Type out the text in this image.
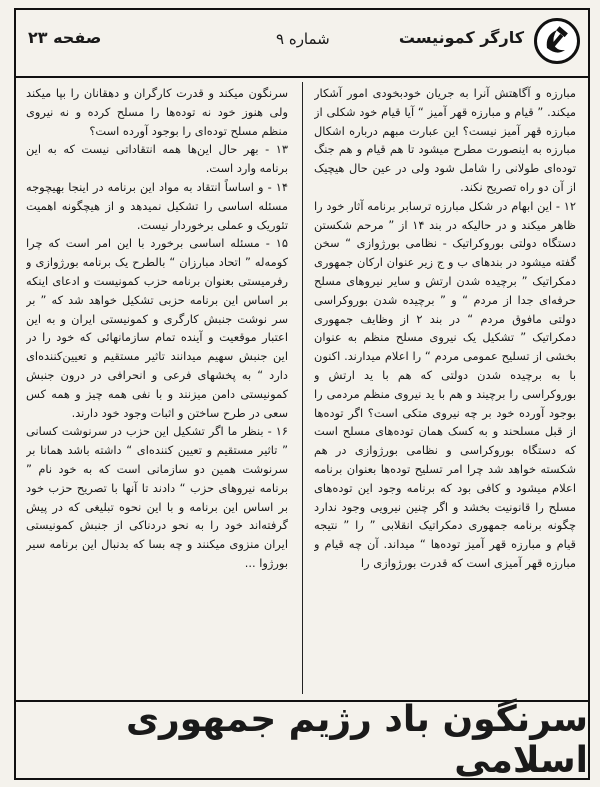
کارگر کمونیست
شماره ۹
صفحه ۲۳

مبارزه و آگاهتش آنرا به جریان خودبخودی امور آشکار میکند. ” قیام و مبارزه قهر آمیز “ آیا قیام خود شکلی از مبارزه قهر آمیز نیست؟ این عبارت مبهم درباره اشکال مبارزه به اینصورت مطرح میشود تا هم قیام و هم جنگ توده‌ای طولانی را شامل شود ولی در عین حال هیچیک از آن دو راه تصریح نکند.

۱۲ - این ابهام در شکل مبارزه ترسابر برنامه آثار خود را ظاهر میکند و در حالیکه در بند ۱۴ از ” مرحم شکستن دستگاه دولتی بوروکراتیک - نظامی بورژوازی “ سخن گفته میشود در بندهای ب و ج زیر عنوان ارکان جمهوری دمکراتیک ” برچیده شدن ارتش و سایر نیروهای مسلح حرفه‌ای جدا از مردم “ و ” برچیده شدن بوروکراسی دولتی مافوق مردم “ در بند ۲ از وظایف جمهوری دمکراتیک ” تشکیل یک نیروی مسلح منظم به عنوان بخشی از تسلیح عمومی مردم “ را اعلام میدارند. اکنون با به برچیده شدن دولتی که هم با ید ارتش و بوروکراسی را برچیند و هم با ید نیروی منظم مردمی را بوجود آورده خود بر چه نیروی متکی است؟ اگر توده‌ها از قبل مسلحند و به کسک همان توده‌های مسلح است که دستگاه بوروکراسی و نظامی بورژوازی در هم شکسته خواهد شد چرا امر تسلیح توده‌ها بعنوان برنامه اعلام میشود و کافی بود که برنامه وجود این توده‌های مسلح را قانونیت بخشد و اگر چنین نیرویی وجود ندارد چگونه برنامه جمهوری دمکراتیک انقلابی ” را ” نتیجه قیام و مبارزه قهر آمیز توده‌ها “ میداند. آن چه قیام و مبارزه قهر آمیزی است که قدرت بورژوازی را

سرنگون میکند و قدرت کارگران و دهقانان را بپا میکند ولی هنوز خود نه توده‌ها را مسلح کرده و نه نیروی منظم مسلح توده‌ای را بوجود آورده است؟

۱۳ - بهر حال این‌ها همه انتقاداتی نیست که به این برنامه وارد است.

۱۴ - و اساساً انتقاد به مواد این برنامه در اینجا بهیچوجه مسئله اساسی را تشکیل نمیدهد و از هیچگونه اهمیت تئوریک و عملی برخوردار نیست.

۱۵ - مسئله اساسی برخورد با این امر است که چرا کومه‌له ” اتحاد مبارزان “ بالطرح یک برنامه بورژوازی و رفرمیستی بعنوان برنامه حزب کمونیست و ادعای اینکه بر اساس این برنامه حزبی تشکیل خواهد شد که ” بر سر نوشت جنبش کارگری و کمونیستی ایران و به این اعتبار موقعیت و آینده تمام سازمانهائی که خود را در این جنبش سهیم میدانند تاثیر مستقیم و تعیین‌کننده‌ای دارد “ به پخشهای فرعی و انحرافی در درون جنبش کمونیستی دامن میزنند و با نفی همه چیز و همه کس سعی در طرح ساختن و اثبات وجود خود دارند.

۱۶ - بنظر ما اگر تشکیل این حزب در سرنوشت کسانی ” تاثیر مستقیم و تعیین کننده‌ای “ داشته باشد همانا بر سرنوشت همین دو سازمانی است که به خود نام ” برنامه نیروهای حزب “ دادند تا آنها با تصریح حزب خود بر اساس این برنامه و با این نحوه تبلیغی که در پیش گرفته‌اند خود را به نحو دردناکی از جنبش کمونیستی ایران منزوی میکنند و چه بسا که بدنبال این برنامه سیر بورژوا ...

سرنگون باد رژیم جمهوری اسلامی
